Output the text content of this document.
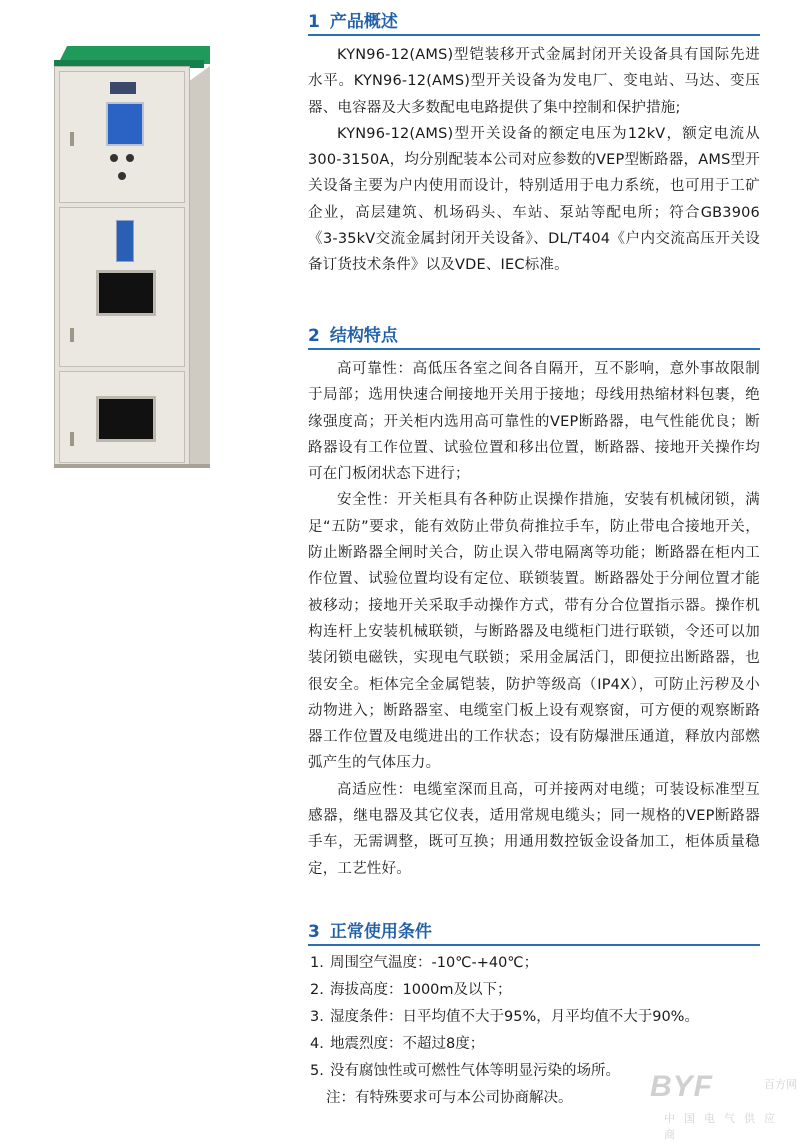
1 产品概述

KYN96-12(AMS)型铠装移开式金属封闭开关设备具有国际先进水平。KYN96-12(AMS)型开关设备为发电厂、变电站、马达、变压器、电容器及大多数配电电路提供了集中控制和保护措施;

KYN96-12(AMS)型开关设备的额定电压为12kV，额定电流从300-3150A，均分别配装本公司对应参数的VEP型断路器，AMS型开关设备主要为户内使用而设计，特别适用于电力系统，也可用于工矿企业，高层建筑、机场码头、车站、泵站等配电所；符合GB3906《3-35kV交流金属封闭开关设备》、DL/T404《户内交流高压开关设备订货技术条件》以及VDE、IEC标准。

2 结构特点

高可靠性：高低压各室之间各自隔开，互不影响，意外事故限制于局部；选用快速合闸接地开关用于接地；母线用热缩材料包裹，绝缘强度高；开关柜内选用高可靠性的VEP断路器，电气性能优良；断路器设有工作位置、试验位置和移出位置，断路器、接地开关操作均可在门板闭状态下进行；

安全性：开关柜具有各种防止误操作措施，安装有机械闭锁，满足“五防”要求，能有效防止带负荷推拉手车，防止带电合接地开关，防止断路器全闸时关合，防止误入带电隔离等功能；断路器在柜内工作位置、试验位置均设有定位、联锁装置。断路器处于分闸位置才能被移动；接地开关采取手动操作方式，带有分合位置指示器。操作机构连杆上安装机械联锁，与断路器及电缆柜门进行联锁，令还可以加装闭锁电磁铁，实现电气联锁；采用金属活门，即便拉出断路器，也很安全。柜体完全金属铠装，防护等级高（IP4X），可防止污秽及小动物进入；断路器室、电缆室门板上设有观察窗，可方便的观察断路器工作位置及电缆进出的工作状态；设有防爆泄压通道，释放内部燃弧产生的气体压力。

高适应性：电缆室深而且高，可并接两对电缆；可装设标准型互感器，继电器及其它仪表，适用常规电缆头；同一规格的VEP断路器手车，无需调整，既可互换；用通用数控钣金设备加工，柜体质量稳定，工艺性好。

3 正常使用条件
1. 周围空气温度：-10℃-+40℃；
2. 海拔高度：1000m及以下；
3. 湿度条件：日平均值不大于95%，月平均值不大于90%。
4. 地震烈度：不超过8度；
5. 没有腐蚀性或可燃性气体等明显污染的场所。
注：有特殊要求可与本公司协商解决。	BYF	百方网
中国电气供应商
